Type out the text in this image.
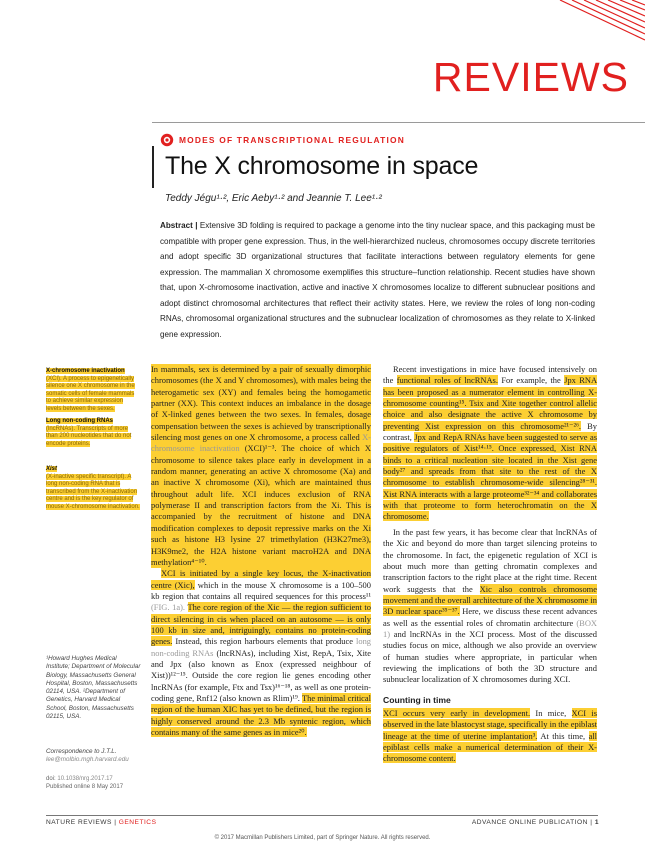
REVIEWS
MODES OF TRANSCRIPTIONAL REGULATION
The X chromosome in space
Teddy Jégu¹·², Eric Aeby¹·² and Jeannie T. Lee¹·²
Abstract | Extensive 3D folding is required to package a genome into the tiny nuclear space, and this packaging must be compatible with proper gene expression. Thus, in the well-hierarchized nucleus, chromosomes occupy discrete territories and adopt specific 3D organizational structures that facilitate interactions between regulatory elements for gene expression. The mammalian X chromosome exemplifies this structure–function relationship. Recent studies have shown that, upon X-chromosome inactivation, active and inactive X chromosomes localize to different subnuclear positions and adopt distinct chromosomal architectures that reflect their activity states. Here, we review the roles of long non-coding RNAs, chromosomal organizational structures and the subnuclear localization of chromosomes as they relate to X-linked gene expression.
X-chromosome inactivation
(XCI). A process to epigenetically silence one X chromosome in the somatic cells of female mammals to achieve similar expression levels between the sexes.
Long non-coding RNAs
(lncRNAs). Transcripts of more than 200 nucleotides that do not encode proteins.
Xist
(X-inactive specific transcript). A long non-coding RNA that is transcribed from the X-inactivation centre and is the key regulator of mouse X-chromosome inactivation.
¹Howard Hughes Medical Institute; Department of Molecular Biology, Massachusetts General Hospital, Boston, Massachusetts 02114, USA. ²Department of Genetics, Harvard Medical School, Boston, Massachusetts 02115, USA.
Correspondence to J.T.L.
lee@molbio.mgh.harvard.edu
doi: 10.1038/nrg.2017.17
Published online 8 May 2017

In mammals, sex is determined by a pair of sexually dimorphic chromosomes (the X and Y chromosomes), with males being the heterogametic sex (XY) and females being the homogametic partner (XX). This context induces an imbalance in the dosage of X-linked genes between the two sexes. In females, dosage compensation between the sexes is achieved by transcriptionally silencing most genes on one X chromosome, a process called X-chromosome inactivation (XCI)¹⁻³. The choice of which X chromosome to silence takes place early in development in a random manner, generating an active X chromosome (Xa) and an inactive X chromosome (Xi), which are maintained thus throughout adult life. XCI induces exclusion of RNA polymerase II and transcription factors from the Xi. This is accompanied by the recruitment of histone and DNA modification complexes to deposit repressive marks on the Xi such as histone H3 lysine 27 trimethylation (H3K27me3), H3K9me2, the H2A histone variant macroH2A and DNA methylation⁴⁻¹⁰.

XCI is initiated by a single key locus, the X-inactivation centre (Xic), which in the mouse X chromosome is a 100–500 kb region that contains all required sequences for this process¹¹ (FIG. 1a). The core region of the Xic — the region sufficient to direct silencing in cis when placed on an autosome — is only 100 kb in size and, intriguingly, contains no protein-coding genes. Instead, this region harbours elements that produce long non-coding RNAs (lncRNAs), including Xist, RepA, Tsix, Xite and Jpx (also known as Enox (expressed neighbour of Xist))¹²⁻¹⁵. Outside the core region lie genes encoding other lncRNAs (for example, Ftx and Tsx)¹⁶⁻¹⁸, as well as one protein-coding gene, Rnf12 (also known as Rlim)¹⁹. The minimal critical region of the human XIC has yet to be defined, but the region is highly conserved around the 2.3 Mb syntenic region, which contains many of the same genes as in mice²⁰.

Recent investigations in mice have focused intensively on the functional roles of lncRNAs. For example, the Jpx RNA has been proposed as a numerator element in controlling X-chromosome counting¹⁵. Tsix and Xite together control allelic choice and also designate the active X chromosome by preventing Xist expression on this chromosome²¹⁻²⁶. By contrast, Jpx and RepA RNAs have been suggested to serve as positive regulators of Xist¹⁴·¹⁵. Once expressed, Xist RNA binds to a critical nucleation site located in the Xist gene body²⁷ and spreads from that site to the rest of the X chromosome to establish chromosome-wide silencing²⁸⁻³¹. Xist RNA interacts with a large proteome³²⁻³⁴ and collaborates with that proteome to form heterochromatin on the X chromosome.

In the past few years, it has become clear that lncRNAs of the Xic and beyond do more than target silencing proteins to the chromosome. In fact, the epigenetic regulation of XCI is about much more than getting chromatin complexes and transcription factors to the right place at the right time. Recent work suggests that the Xic also controls chromosome movement and the overall architecture of the X chromosome in 3D nuclear space³⁵⁻³⁷. Here, we discuss these recent advances as well as the essential roles of chromatin architecture (BOX 1) and lncRNAs in the XCI process. Most of the discussed studies focus on mice, although we also provide an overview of human studies where appropriate, in particular when reviewing the implications of both the 3D structure and subnuclear localization of X chromosomes during XCI.

Counting in time

XCI occurs very early in development. In mice, XCI is observed in the late blastocyst stage, specifically in the epiblast lineage at the time of uterine implantation³. At this time, all epiblast cells make a numerical determination of their X-chromosome content.

NATURE REVIEWS | GENETICS	ADVANCE ONLINE PUBLICATION | 1
© 2017 Macmillan Publishers Limited, part of Springer Nature. All rights reserved.
